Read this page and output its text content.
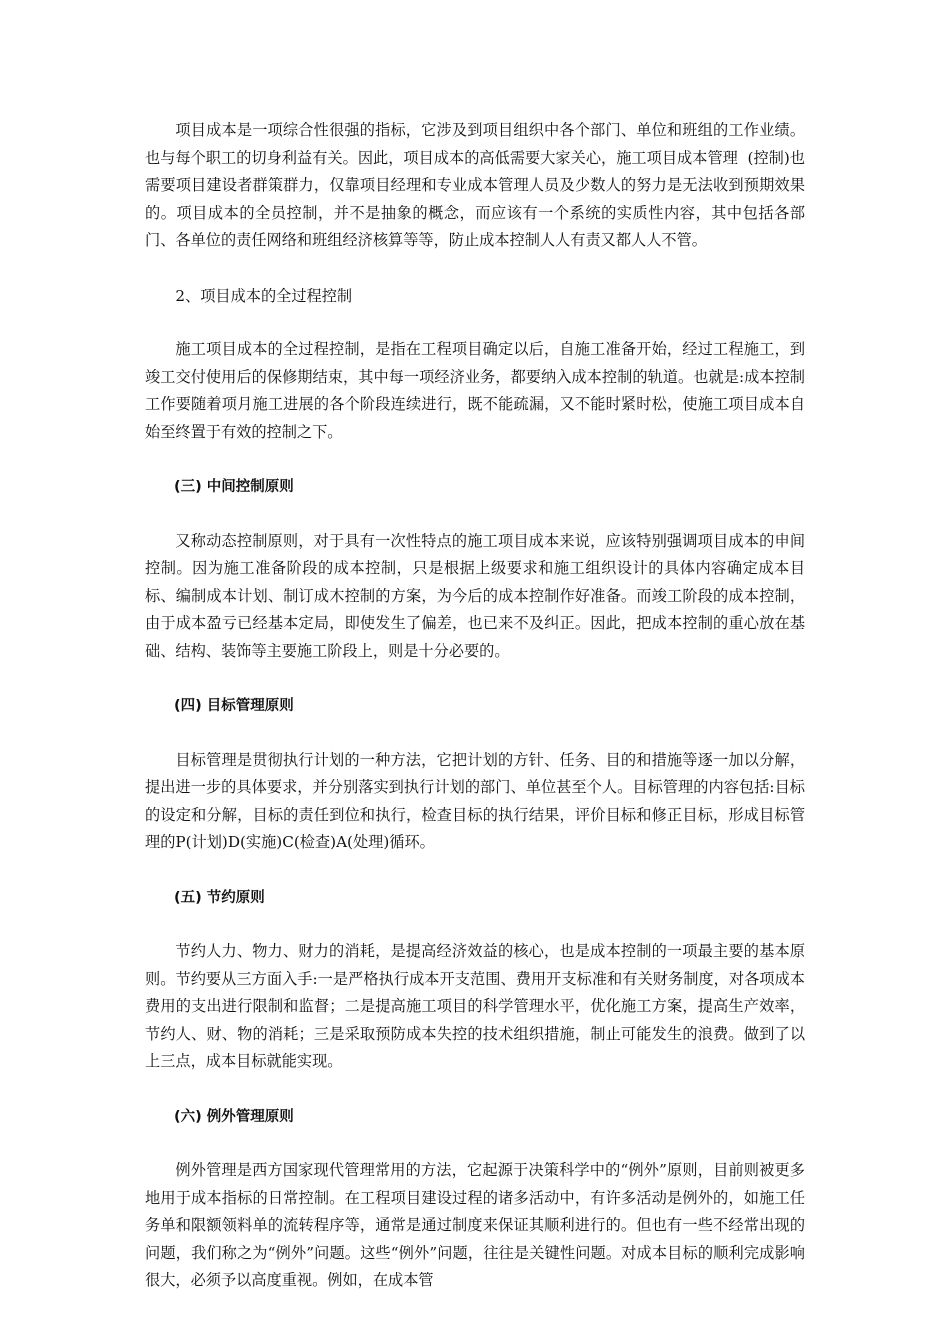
项目成本是一项综合性很强的指标，它涉及到项目组织中各个部门、单位和班组的工作业绩。也与每个职工的切身利益有关。因此，项目成本的高低需要大家关心，施工项目成本管理  (控制)也需要项目建设者群策群力，仅靠项目经理和专业成本管理人员及少数人的努力是无法收到预期效果的。项目成本的全员控制，并不是抽象的概念，而应该有一个系统的实质性内容，其中包括各部门、各单位的责任网络和班组经济核算等等，防止成本控制人人有责又都人人不管。

2、项目成本的全过程控制

施工项目成本的全过程控制，是指在工程项目确定以后，自施工准备开始，经过工程施工，到竣工交付使用后的保修期结束，其中每一项经济业务，都要纳入成本控制的轨道。也就是:成本控制工作要随着项月施工进展的各个阶段连续进行，既不能疏漏，又不能时紧时松，使施工项目成本自始至终置于有效的控制之下。

(三) 中间控制原则

又称动态控制原则，对于具有一次性特点的施工项目成本来说，应该特别强调项目成本的申间控制。因为施工准备阶段的成本控制，只是根据上级要求和施工组织设计的具体内容确定成本目标、编制成本计划、制订成木控制的方案，为今后的成本控制作好准备。而竣工阶段的成本控制，由于成本盈亏已经基本定局，即使发生了偏差，也已来不及纠正。因此，把成本控制的重心放在基础、结构、装饰等主要施工阶段上，则是十分必要的。

(四) 目标管理原则

目标管理是贯彻执行计划的一种方法，它把计划的方针、任务、目的和措施等逐一加以分解，提出进一步的具体要求，并分别落实到执行计划的部门、单位甚至个人。目标管理的内容包括:目标的设定和分解，目标的责任到位和执行，检查目标的执行结果，评价目标和修正目标，形成目标管理的P(计划)D(实施)C(检查)A(处理)循环。

(五) 节约原则

节约人力、物力、财力的消耗，是提高经济效益的核心，也是成本控制的一项最主要的基本原则。节约要从三方面入手:一是严格执行成本开支范围、费用开支标准和有关财务制度，对各项成本费用的支出进行限制和监督；二是提高施工项目的科学管理水平，优化施工方案，提高生产效率，节约人、财、物的消耗；三是采取预防成本失控的技术组织措施，制止可能发生的浪费。做到了以上三点，成本目标就能实现。

(六) 例外管理原则

例外管理是西方国家现代管理常用的方法，它起源于决策科学中的“例外”原则，目前则被更多地用于成本指标的日常控制。在工程项目建设过程的诸多活动中，有许多活动是例外的，如施工任务单和限额领料单的流转程序等，通常是通过制度来保证其顺利进行的。但也有一些不经常出现的问题，我们称之为“例外”问题。这些“例外”问题，往往是关键性问题。对成本目标的顺利完成影响很大，必须予以高度重视。例如，在成本管
